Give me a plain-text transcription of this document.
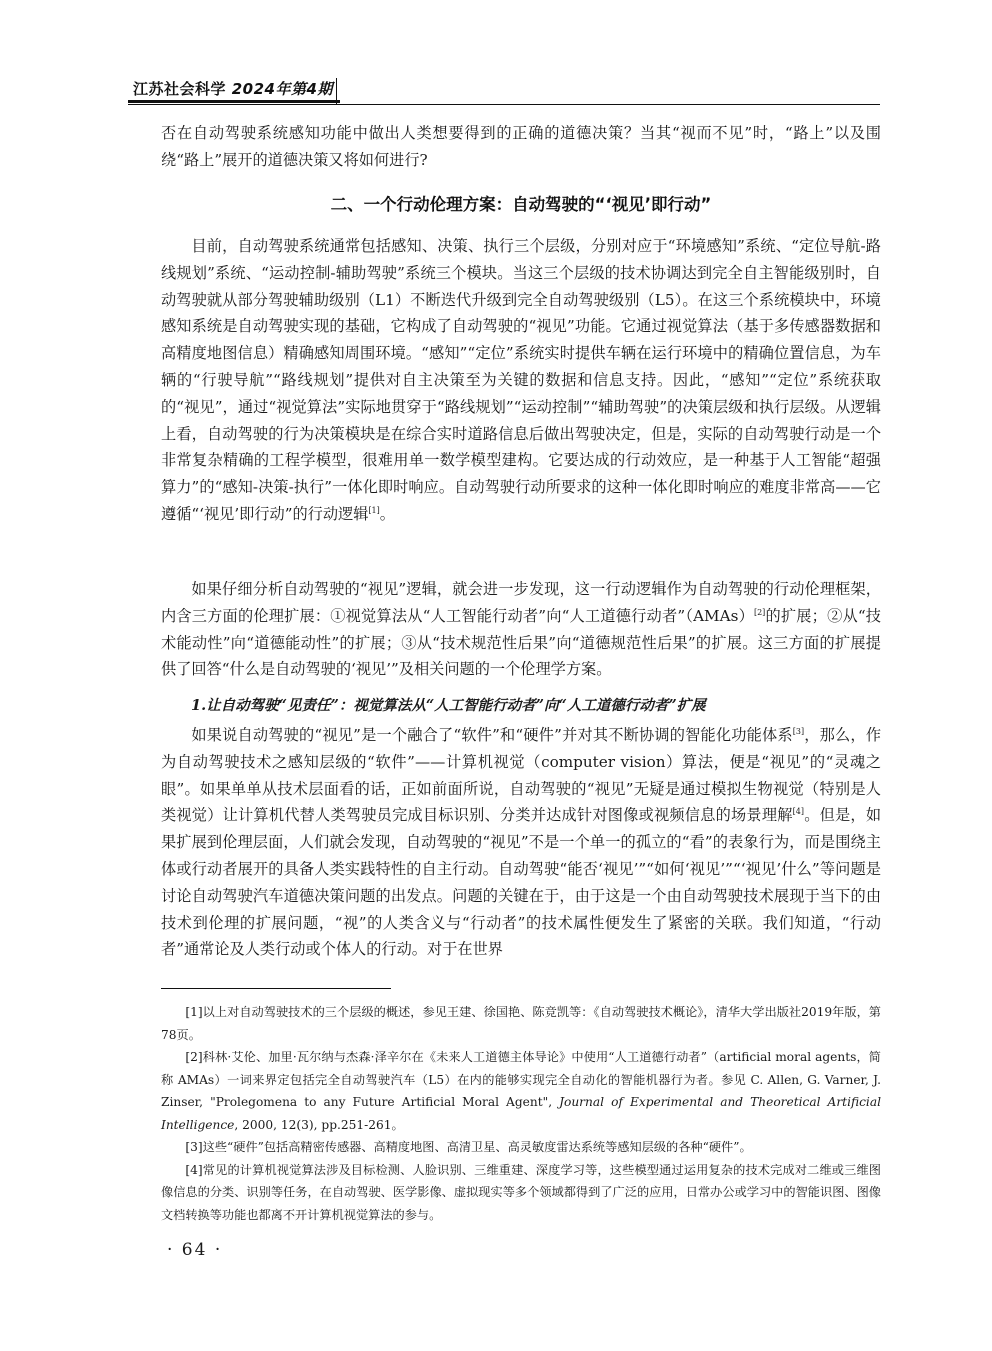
江苏社会科学 2024年第4期
否在自动驾驶系统感知功能中做出人类想要得到的正确的道德决策？当其“视而不见”时，“路上”以及围绕“路上”展开的道德决策又将如何进行?
二、一个行动伦理方案：自动驾驶的“‘视见’即行动”
目前，自动驾驶系统通常包括感知、决策、执行三个层级，分别对应于“环境感知”系统、“定位导航-路线规划”系统、“运动控制-辅助驾驶”系统三个模块。当这三个层级的技术协调达到完全自主智能级别时，自动驾驶就从部分驾驶辅助级别（L1）不断迭代升级到完全自动驾驶级别（L5）。在这三个系统模块中，环境感知系统是自动驾驶实现的基础，它构成了自动驾驶的“视见”功能。它通过视觉算法（基于多传感器数据和高精度地图信息）精确感知周围环境。“感知”“定位”系统实时提供车辆在运行环境中的精确位置信息，为车辆的“行驶导航”“路线规划”提供对自主决策至为关键的数据和信息支持。因此，“感知”“定位”系统获取的“视见”，通过“视觉算法”实际地贯穿于“路线规划”“运动控制”“辅助驾驶”的决策层级和执行层级。从逻辑上看，自动驾驶的行为决策模块是在综合实时道路信息后做出驾驶决定，但是，实际的自动驾驶行动是一个非常复杂精确的工程学模型，很难用单一数学模型建构。它要达成的行动效应，是一种基于人工智能“超强算力”的“感知-决策-执行”一体化即时响应。自动驾驶行动所要求的这种一体化即时响应的难度非常高——它遵循“‘视见’即行动”的行动逻辑[1]。
如果仔细分析自动驾驶的“视见”逻辑，就会进一步发现，这一行动逻辑作为自动驾驶的行动伦理框架，内含三方面的伦理扩展：①视觉算法从“人工智能行动者”向“人工道德行动者”（AMAs）[2]的扩展；②从“技术能动性”向“道德能动性”的扩展；③从“技术规范性后果”向“道德规范性后果”的扩展。这三方面的扩展提供了回答“什么是自动驾驶的‘视见’”及相关问题的一个伦理学方案。
1.让自动驾驶“见责任”：视觉算法从“人工智能行动者”向“人工道德行动者”扩展
如果说自动驾驶的“视见”是一个融合了“软件”和“硬件”并对其不断协调的智能化功能体系[3]，那么，作为自动驾驶技术之感知层级的“软件”——计算机视觉（computer vision）算法，便是“视见”的“灵魂之眼”。如果单单从技术层面看的话，正如前面所说，自动驾驶的“视见”无疑是通过模拟生物视觉（特别是人类视觉）让计算机代替人类驾驶员完成目标识别、分类并达成针对图像或视频信息的场景理解[4]。但是，如果扩展到伦理层面，人们就会发现，自动驾驶的“视见”不是一个单一的孤立的“看”的表象行为，而是围绕主体或行动者展开的具备人类实践特性的自主行动。自动驾驶“能否‘视见’”“如何‘视见’”“‘视见’什么”等问题是讨论自动驾驶汽车道德决策问题的出发点。问题的关键在于，由于这是一个由自动驾驶技术展现于当下的由技术到伦理的扩展问题，“视”的人类含义与“行动者”的技术属性便发生了紧密的关联。我们知道，“行动者”通常论及人类行动或个体人的行动。对于在世界

[1]以上对自动驾驶技术的三个层级的概述，参见王建、徐国艳、陈竞凯等：《自动驾驶技术概论》，清华大学出版社2019年版，第78页。

[2]科林·艾伦、加里·瓦尔纳与杰森·泽辛尔在《未来人工道德主体导论》中使用“人工道德行动者”（artificial moral agents，简称 AMAs）一词来界定包括完全自动驾驶汽车（L5）在内的能够实现完全自动化的智能机器行为者。参见 C. Allen, G. Varner, J. Zinser, "Prolegomena to any Future Artificial Moral Agent", Journal of Experimental and Theoretical Artificial Intelligence, 2000, 12(3), pp.251-261。

[3]这些“硬件”包括高精密传感器、高精度地图、高清卫星、高灵敏度雷达系统等感知层级的各种“硬件”。

[4]常见的计算机视觉算法涉及目标检测、人脸识别、三维重建、深度学习等，这些模型通过运用复杂的技术完成对二维或三维图像信息的分类、识别等任务，在自动驾驶、医学影像、虚拟现实等多个领域都得到了广泛的应用，日常办公或学习中的智能识图、图像文档转换等功能也都离不开计算机视觉算法的参与。

· 64 ·
